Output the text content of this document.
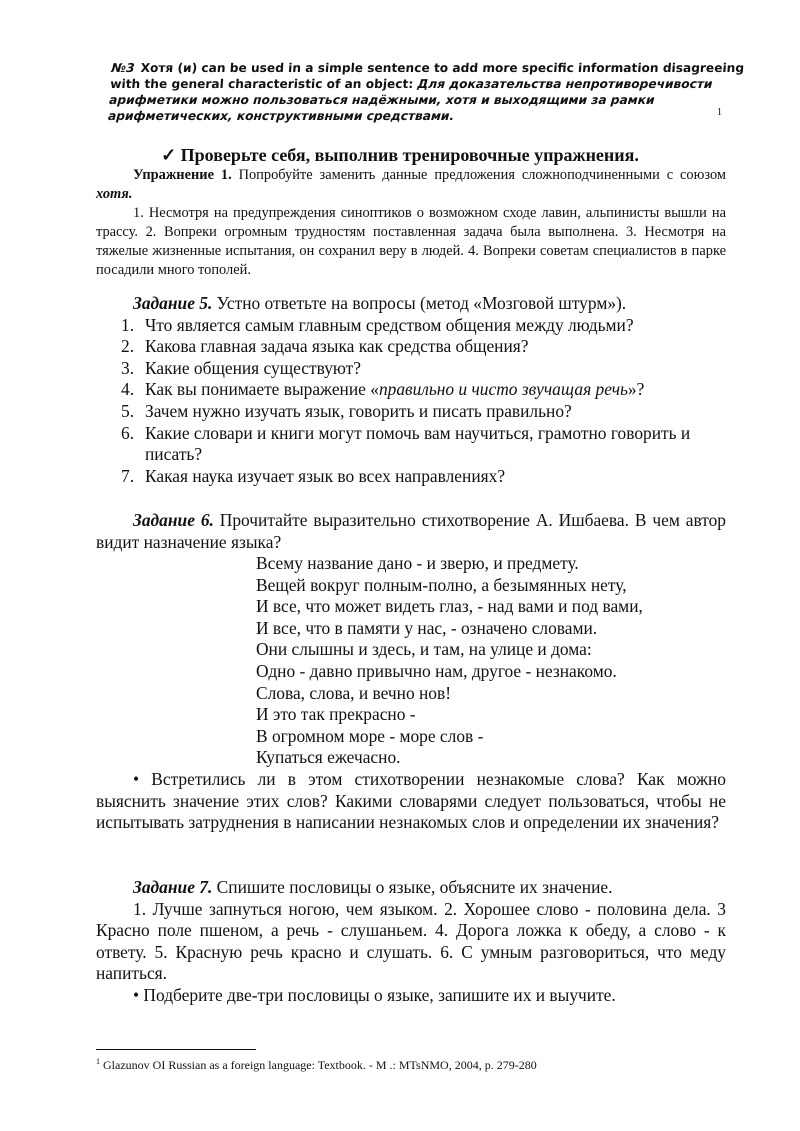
№3 Хотя (и) can be used in a simple sentence to add more specific information disagreeing

with the general characteristic of an object: Для доказательства непротиворечивости

арифметики можно пользоваться надёжными, хотя и выходящими за рамки

арифметических, конструктивными средствами.	1
✓ Проверьте себя, выполнив тренировочные упражнения.

Упражнение 1. Попробуйте заменить данные предложения сложноподчиненными с союзом хотя.

1. Несмотря на предупреждения синоптиков о возможном сходе лавин, альпинисты вышли на трассу. 2. Вопреки огромным трудностям поставленная задача была выполнена. 3. Несмотря на тяжелые жизненные испытания, он сохранил веру в людей. 4. Вопреки советам специалистов в парке посадили много тополей.

Задание 5. Устно ответьте на вопросы (метод «Мозговой штурм»).

1. Что является самым главным средством общения между людьми?
2. Какова главная задача языка как средства общения?
3. Какие общения существуют?
4. Как вы понимаете выражение «правильно и чисто звучащая речь»?
5. Зачем нужно изучать язык, говорить и писать правильно?
6. Какие словари и книги могут помочь вам научиться, грамотно говорить и писать?
7. Какая наука изучает язык во всех направлениях?

Задание 6. Прочитайте выразительно стихотворение А. Ишбаева. В чем автор видит назначение языка?

Всему название дано - и зверю, и предмету.
Вещей вокруг полным-полно, а безымянных нету,
И все, что может видеть глаз, - над вами и под вами,
И все, что в памяти у нас, - означено словами.
Они слышны и здесь, и там, на улице и дома:
Одно - давно привычно нам, другое - незнакомо.
Слова, слова, и вечно нов!
И это так прекрасно -
В огромном море - море слов -
Купаться ежечасно.

• Встретились ли в этом стихотворении незнакомые слова? Как можно выяснить значение этих слов? Какими словарями следует пользоваться, чтобы не испытывать затруднения в написании незнакомых слов и определении их значения?

Задание 7. Спишите пословицы о языке, объясните их значение.

1. Лучше запнуться ногою, чем языком. 2. Хорошее слово - половина дела. 3 Красно поле пшеном, а речь - слушаньем. 4. Дорога ложка к обеду, а слово - к ответу. 5. Красную речь красно и слушать. 6. С умным разговориться, что меду напиться.

• Подберите две-три пословицы о языке, запишите их и выучите.

$^1$ Glazunov OI Russian as a foreign language: Textbook. - M .: MTsNMO, 2004, p. 279-280
